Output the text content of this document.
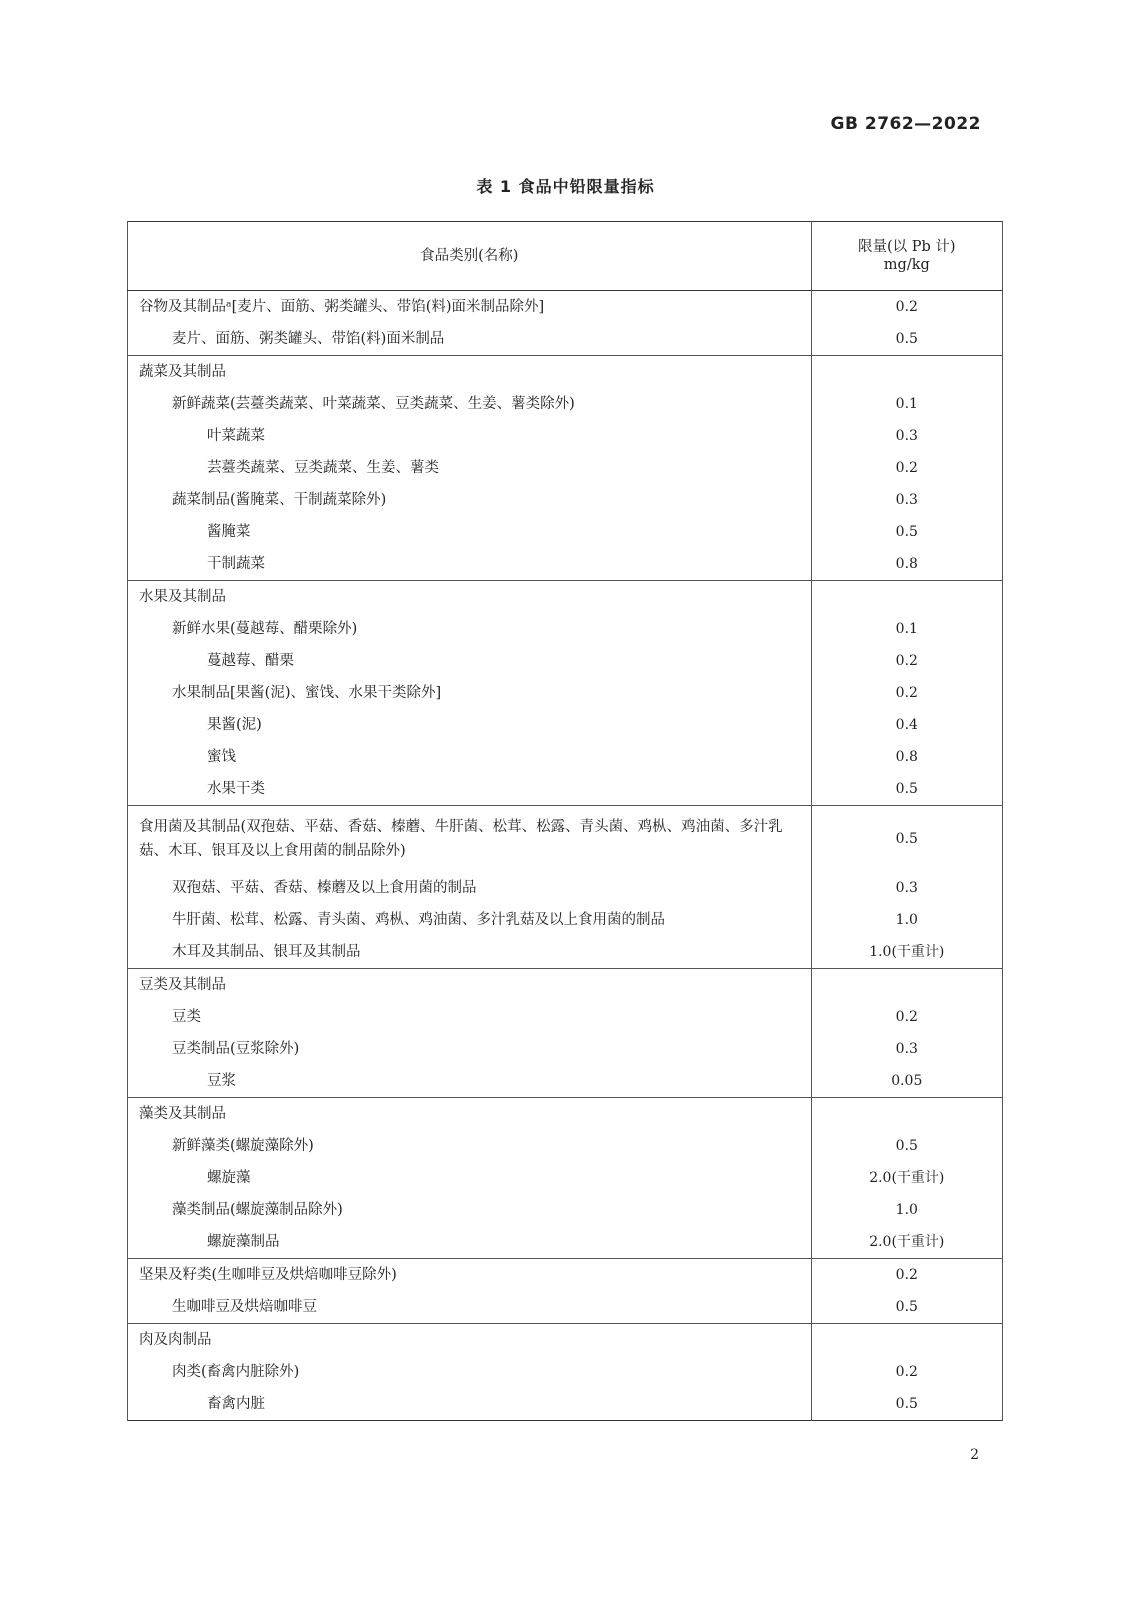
GB 2762—2022
表 1 食品中铅限量指标
食品类别(名称)	限量(以 Pb 计)
mg/kg

谷物及其制品ᵃ[麦片、面筋、粥类罐头、带馅(料)面米制品除外]	0.2
麦片、面筋、粥类罐头、带馅(料)面米制品	0.5
蔬菜及其制品	
新鲜蔬菜(芸薹类蔬菜、叶菜蔬菜、豆类蔬菜、生姜、薯类除外)	0.1
叶菜蔬菜	0.3
芸薹类蔬菜、豆类蔬菜、生姜、薯类	0.2
蔬菜制品(酱腌菜、干制蔬菜除外)	0.3
酱腌菜	0.5
干制蔬菜	0.8
水果及其制品	
新鲜水果(蔓越莓、醋栗除外)	0.1
蔓越莓、醋栗	0.2
水果制品[果酱(泥)、蜜饯、水果干类除外]	0.2
果酱(泥)	0.4
蜜饯	0.8
水果干类	0.5
食用菌及其制品(双孢菇、平菇、香菇、榛蘑、牛肝菌、松茸、松露、青头菌、鸡枞、鸡油菌、多汁乳菇、木耳、银耳及以上食用菌的制品除外)	0.5
双孢菇、平菇、香菇、榛蘑及以上食用菌的制品	0.3
牛肝菌、松茸、松露、青头菌、鸡枞、鸡油菌、多汁乳菇及以上食用菌的制品	1.0
木耳及其制品、银耳及其制品	1.0(干重计)
豆类及其制品	
豆类	0.2
豆类制品(豆浆除外)	0.3
豆浆	0.05
藻类及其制品	
新鲜藻类(螺旋藻除外)	0.5
螺旋藻	2.0(干重计)
藻类制品(螺旋藻制品除外)	1.0
螺旋藻制品	2.0(干重计)
坚果及籽类(生咖啡豆及烘焙咖啡豆除外)	0.2
生咖啡豆及烘焙咖啡豆	0.5
肉及肉制品	
肉类(畜禽内脏除外)	0.2
畜禽内脏	0.5
2
